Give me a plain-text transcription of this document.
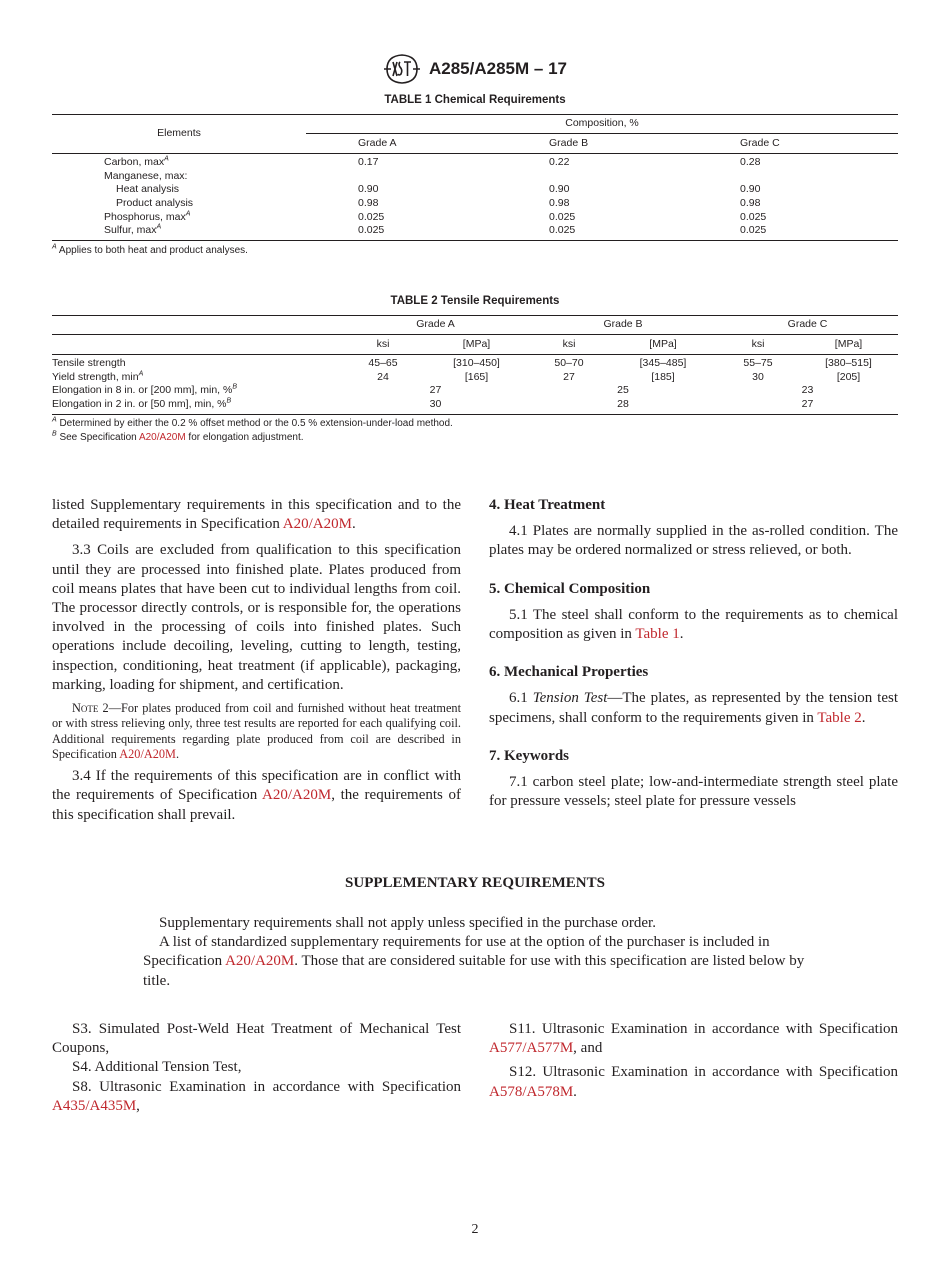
A285/A285M – 17
TABLE 1 Chemical Requirements
Elements	Composition, %		
	Grade A	Grade B	Grade C
Carbon, $\max^A$	0.17	0.22	0.28
Manganese, max:			
Heat analysis	0.90	0.90	0.90
Product analysis	0.98	0.98	0.98
Phosphorus, $\max^A$	0.025	0.025	0.025
Sulfur, $\max^A$	0.025	0.025	0.025
$^A$ Applies to both heat and product analyses.
TABLE 2 Tensile Requirements
	Grade A		Grade B		Grade C	
	ksi	[MPa]	ksi	[MPa]	ksi	[MPa]
Tensile strength	45–65	[310–450]	50–70	[345–485]	55–75	[380–515]
Yield strength, $\min^A$	24	[165]	27	[185]	30	[205]
Elongation in 8 in. or [200 mm], min, %$^B$	27		25		23	
Elongation in 2 in. or [50 mm], min, %$^B$	30		28		27	
$^A$ Determined by either the 0.2 % offset method or the 0.5 % extension-under-load method.
$^B$ See Specification A20/A20M for elongation adjustment.

listed Supplementary requirements in this specification and to the detailed requirements in Specification A20/A20M.

3.3 Coils are excluded from qualification to this specification until they are processed into finished plate. Plates produced from coil means plates that have been cut to individual lengths from coil. The processor directly controls, or is responsible for, the operations involved in the processing of coils into finished plates. Such operations include decoiling, leveling, cutting to length, testing, inspection, conditioning, heat treatment (if applicable), packaging, marking, loading for shipment, and certification.

Note 2—For plates produced from coil and furnished without heat treatment or with stress relieving only, three test results are reported for each qualifying coil. Additional requirements regarding plate produced from coil are described in Specification A20/A20M.

3.4 If the requirements of this specification are in conflict with the requirements of Specification A20/A20M, the requirements of this specification shall prevail.

4. Heat Treatment

4.1 Plates are normally supplied in the as-rolled condition. The plates may be ordered normalized or stress relieved, or both.

5. Chemical Composition

5.1 The steel shall conform to the requirements as to chemical composition as given in Table 1.

6. Mechanical Properties

6.1 Tension Test—The plates, as represented by the tension test specimens, shall conform to the requirements given in Table 2.

7. Keywords

7.1 carbon steel plate; low-and-intermediate strength steel plate for pressure vessels; steel plate for pressure vessels

SUPPLEMENTARY REQUIREMENTS

Supplementary requirements shall not apply unless specified in the purchase order.

A list of standardized supplementary requirements for use at the option of the purchaser is included in Specification A20/A20M. Those that are considered suitable for use with this specification are listed below by title.

S3. Simulated Post-Weld Heat Treatment of Mechanical Test Coupons,

S4. Additional Tension Test,

S8. Ultrasonic Examination in accordance with Specification A435/A435M,

S11. Ultrasonic Examination in accordance with Specification A577/A577M, and

S12. Ultrasonic Examination in accordance with Specification A578/A578M.

2
